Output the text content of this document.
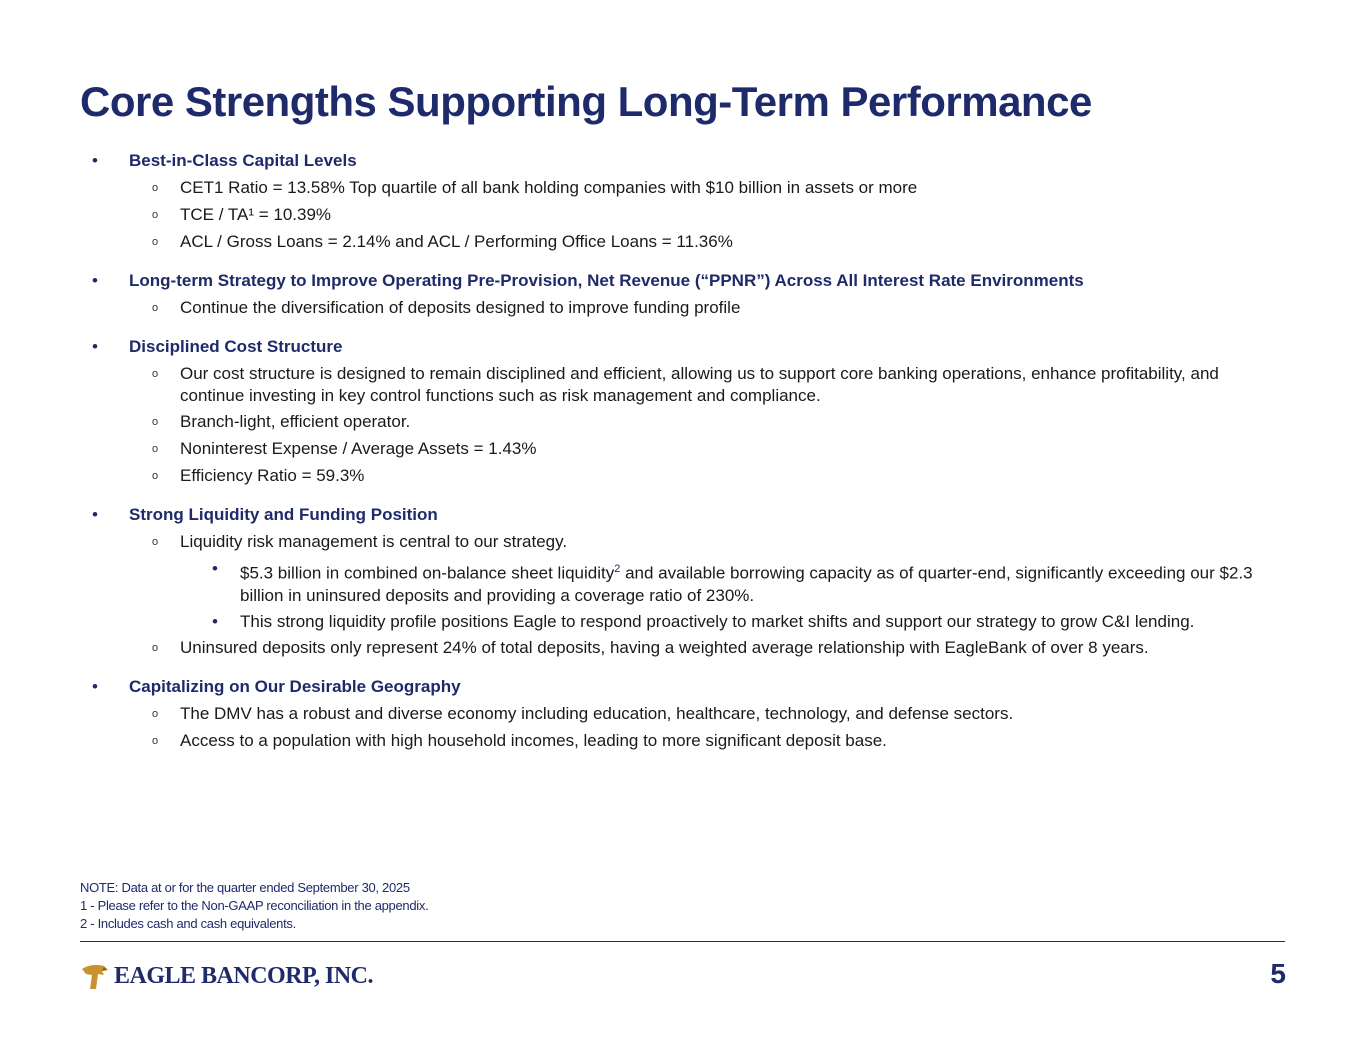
Core Strengths Supporting Long-Term Performance
•	Best-in-Class Capital Levels
o	CET1 Ratio = 13.58% Top quartile of all bank holding companies with $10 billion in assets or more
o	TCE / TA¹ = 10.39%
o	ACL / Gross Loans = 2.14% and ACL / Performing Office Loans = 11.36%
•	Long-term Strategy to Improve Operating Pre-Provision, Net Revenue (“PPNR”) Across All Interest Rate Environments
o	Continue the diversification of deposits designed to improve funding profile
•	Disciplined Cost Structure
o	Our cost structure is designed to remain disciplined and efficient, allowing us to support core banking operations, enhance profitability, and continue investing in key control functions such as risk management and compliance.
o	Branch-light, efficient operator.
o	Noninterest Expense / Average Assets = 1.43%
o	Efficiency Ratio = 59.3%
•	Strong Liquidity and Funding Position
o	Liquidity risk management is central to our strategy.
•	$5.3 billion in combined on-balance sheet liquidity$^2$ and available borrowing capacity as of quarter-end, significantly exceeding our $2.3 billion in uninsured deposits and providing a coverage ratio of 230%.
•	This strong liquidity profile positions Eagle to respond proactively to market shifts and support our strategy to grow C&I lending.
o	Uninsured deposits only represent 24% of total deposits, having a weighted average relationship with EagleBank of over 8 years.
•	Capitalizing on Our Desirable Geography
o	The DMV has a robust and diverse economy including education, healthcare, technology, and defense sectors.
o	Access to a population with high household incomes, leading to more significant deposit base.
NOTE: Data at or for the quarter ended September 30, 2025
1 - Please refer to the Non-GAAP reconciliation in the appendix.
2 - Includes cash and cash equivalents.
EAGLE BANCORP, INC.	5
